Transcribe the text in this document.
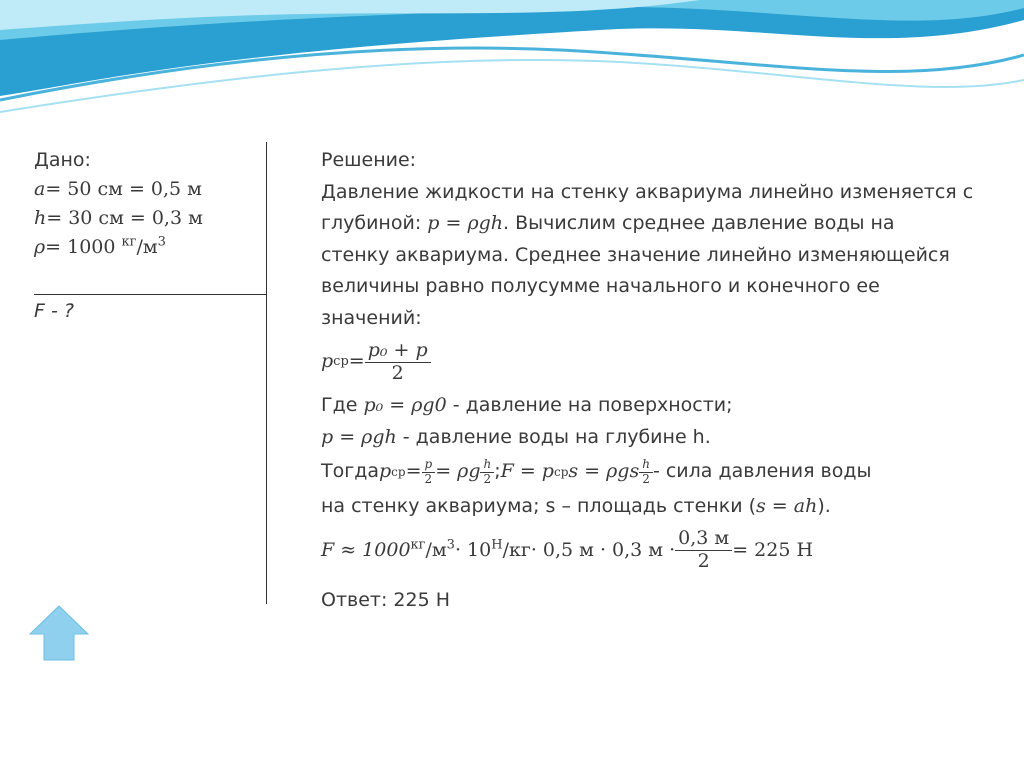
Дано:
a= 50 см = 0,5 м
h= 30 см = 0,3 м
ρ= 1000 $^{кг}/м^3$
F - ?
Решение:
Давление жидкости на стенку аквариума линейно изменяется с
глубиной: p = ρgh. Вычислим среднее давление воды на
стенку аквариума. Среднее значение линейно изменяющейся
величины равно полусумме начального и конечного ее
значений:
p ср = $\frac{\text{p₀ + p}}{2}$
Где p₀ = ρg0 - давление на поверхности;
p = ρgh - давление воды на глубине h.
Тогда p ср = $\frac{p}{2} = \rho g \frac{h}{2}$ ; F = p ср s = ρgs $\frac{h}{2}$ - сила давления воды
на стенку аквариума; s – площадь стенки (s = ah).
F ≈ 1000 $^{кг}/м^3 \cdot 10$ $^Н$/кг · 0,5 м · 0,3 м ·
0,3 м
2
= 225 Н
Ответ: 225 Н
